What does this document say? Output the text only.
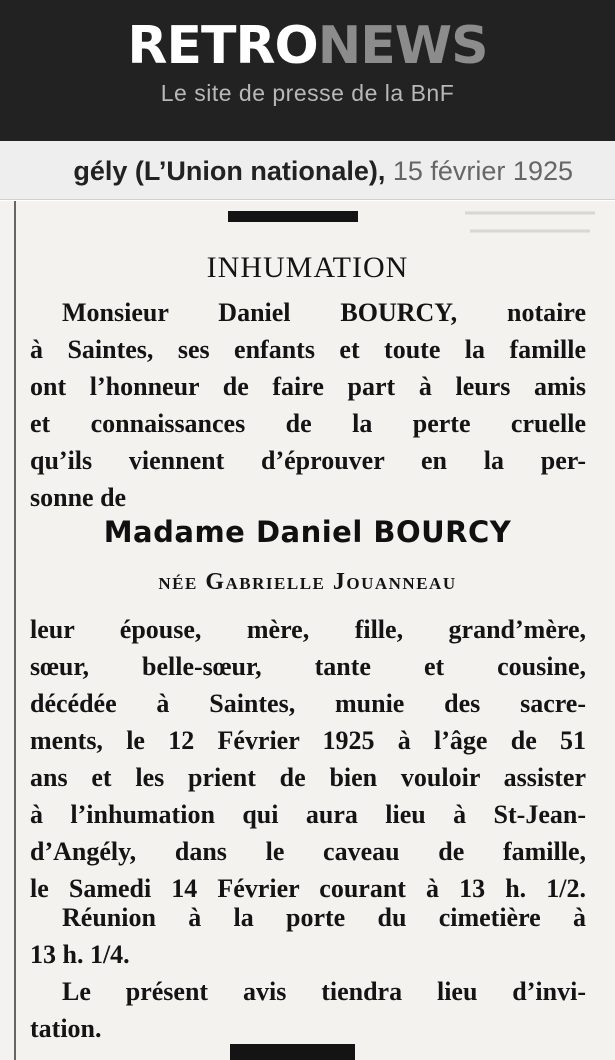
RETRONEWS
Le site de presse de la BnF
gély (L’Union nationale), 15 février 1925
INHUMATION
Monsieur Daniel BOURCY, notaire
à Saintes, ses enfants et toute la famille
ont l’honneur de faire part à leurs amis
et connaissances de la perte cruelle
qu’ils viennent d’éprouver en la per-
sonne de
Madame Daniel BOURCY
née Gabrielle Jouanneau
leur épouse, mère, fille, grand’mère,
sœur, belle-sœur, tante et cousine,
décédée à Saintes, munie des sacre-
ments, le 12 Février 1925 à l’âge de 51
ans et les prient de bien vouloir assister
à l’inhumation qui aura lieu à St-Jean-
d’Angély, dans le caveau de famille,
le Samedi 14 Février courant à 13 h. 1/2.
Réunion à la porte du cimetière à
13 h. 1/4.
Le présent avis tiendra lieu d’invi-
tation.
